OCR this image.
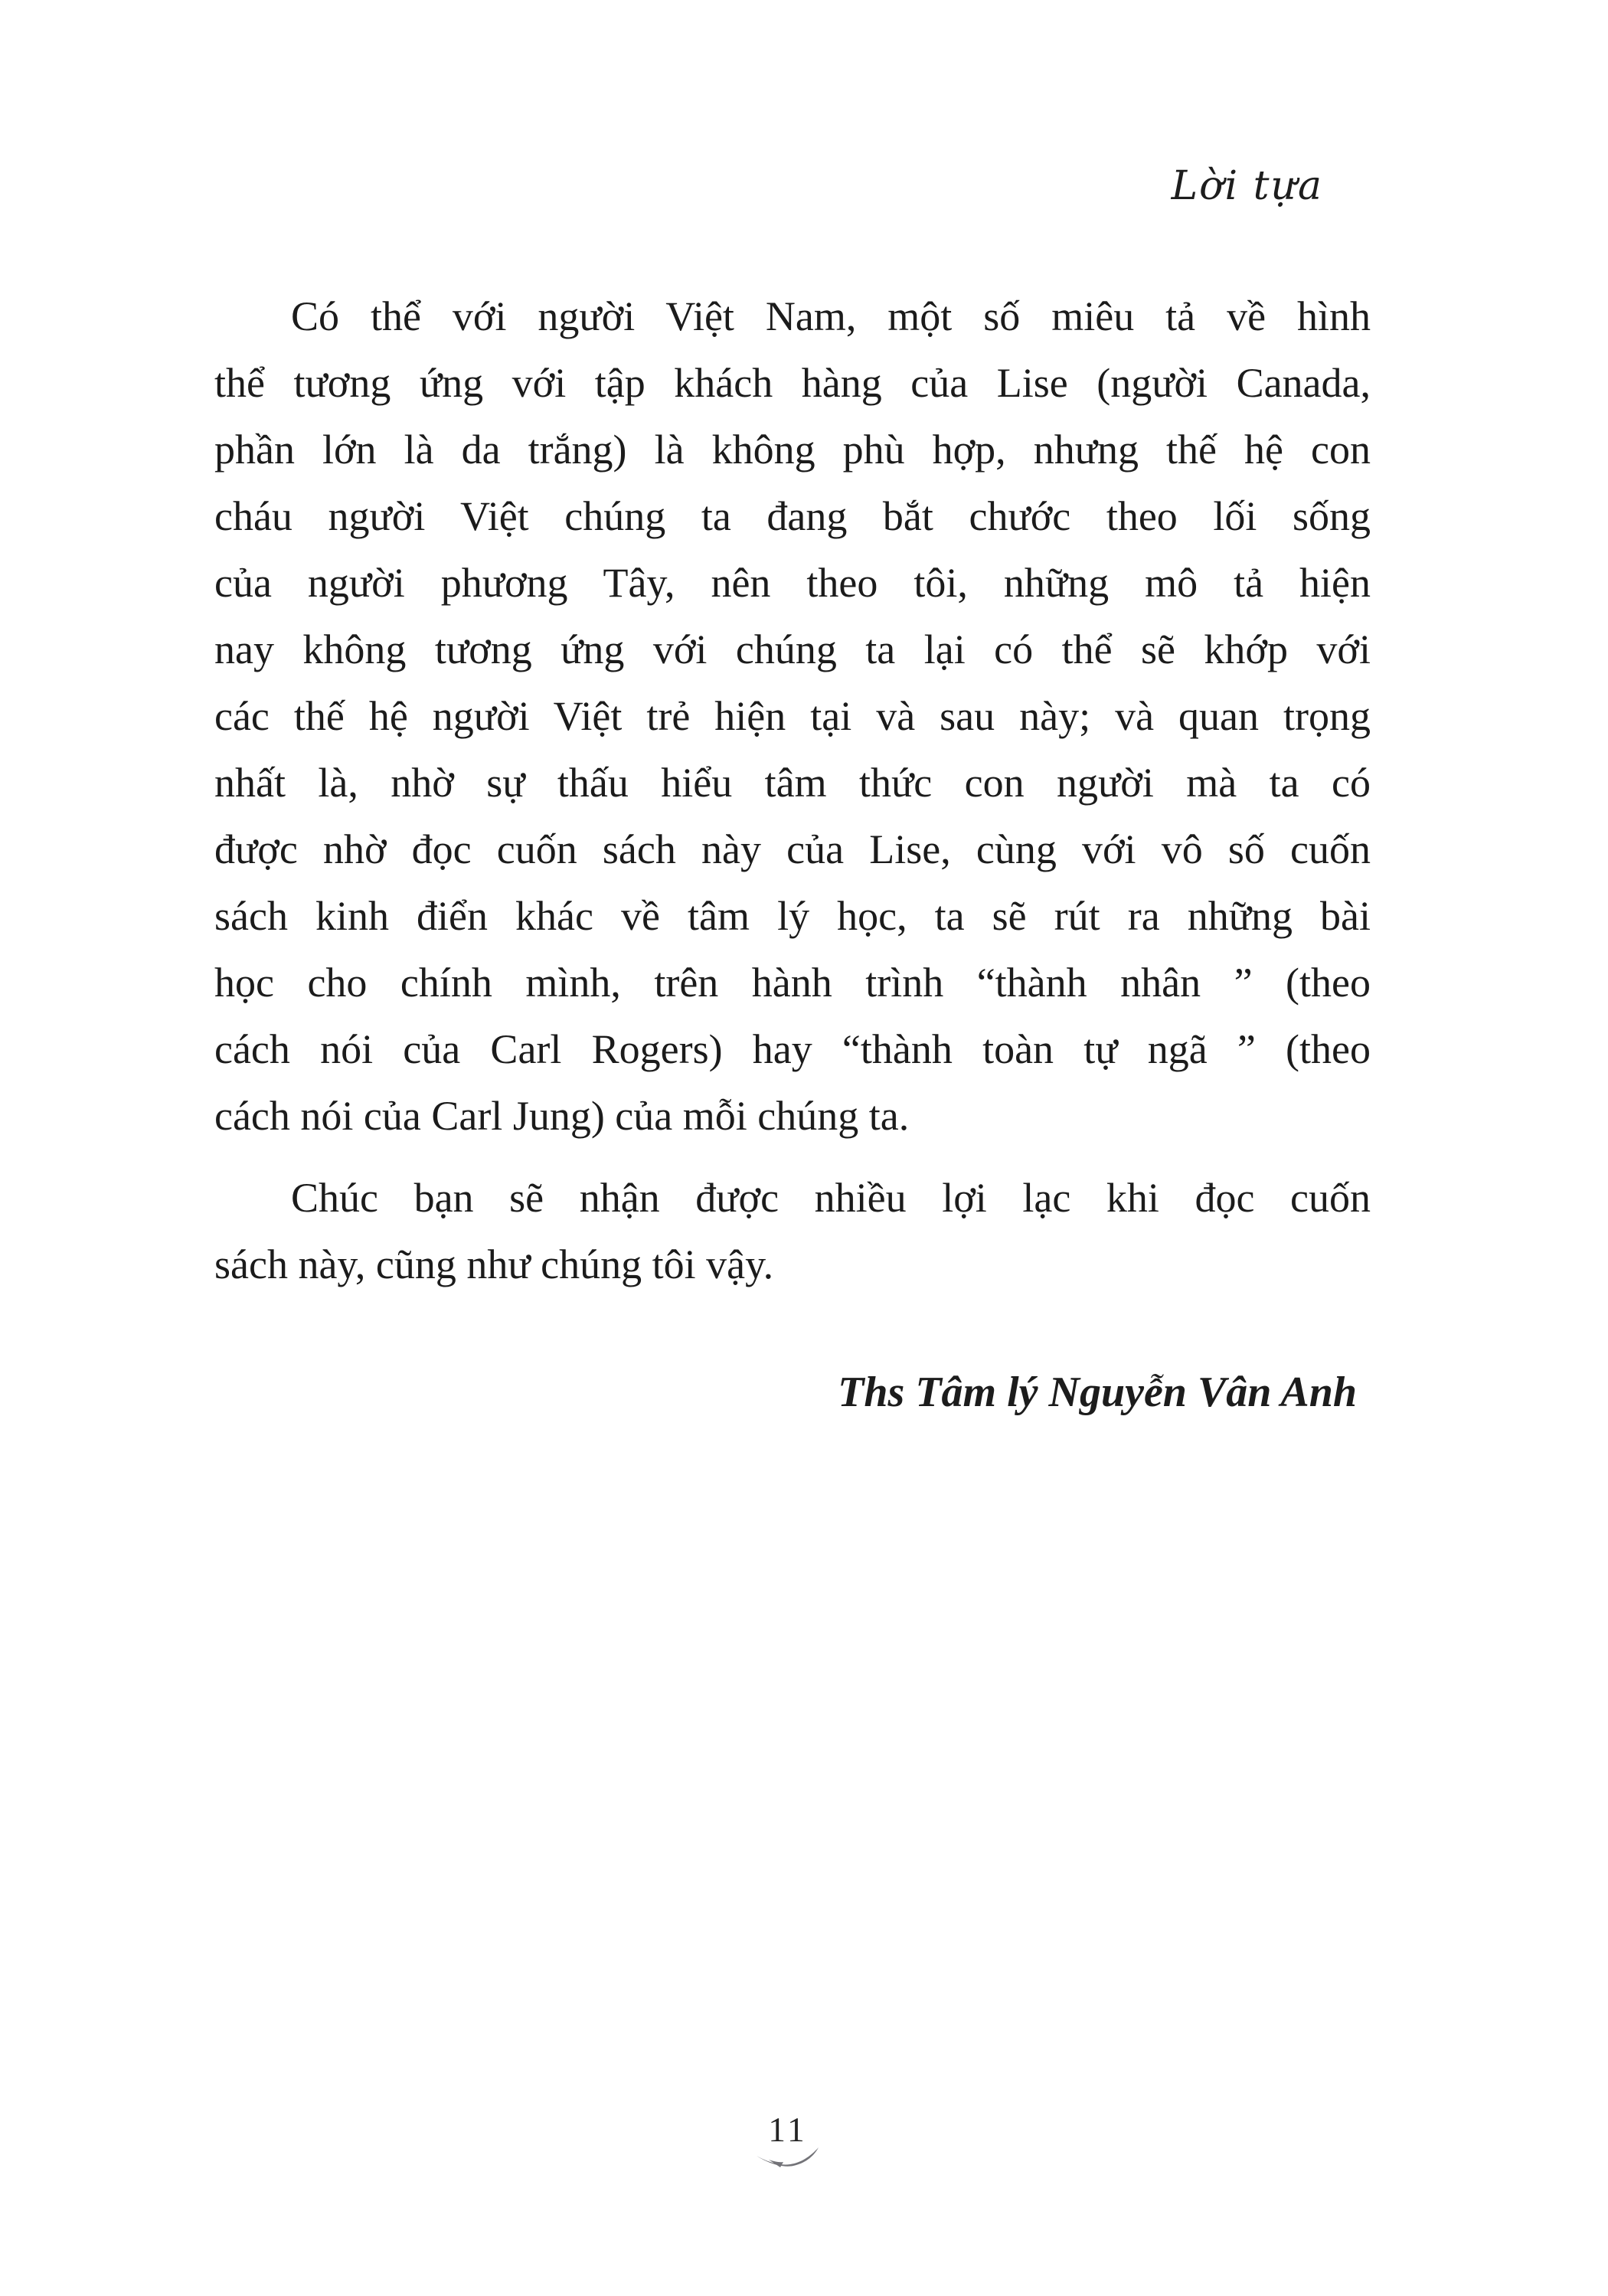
Lời tựa
Có thể với người Việt Nam, một số miêu tả về hình
thể tương ứng với tập khách hàng của Lise (người Canada,
phần lớn là da trắng) là không phù hợp, nhưng thế hệ con
cháu người Việt chúng ta đang bắt chước theo lối sống
của người phương Tây, nên theo tôi, những mô tả hiện
nay không tương ứng với chúng ta lại có thể sẽ khớp với
các thế hệ người Việt trẻ hiện tại và sau này; và quan trọng
nhất là, nhờ sự thấu hiểu tâm thức con người mà ta có
được nhờ đọc cuốn sách này của Lise, cùng với vô số cuốn
sách kinh điển khác về tâm lý học, ta sẽ rút ra những bài
học cho chính mình, trên hành trình “thành nhân ” (theo
cách nói của Carl Rogers) hay “thành toàn tự ngã ” (theo
cách nói của Carl Jung) của mỗi chúng ta.
Chúc bạn sẽ nhận được nhiều lợi lạc khi đọc cuốn
sách này, cũng như chúng tôi vậy.
Ths Tâm lý Nguyễn Vân Anh
11
